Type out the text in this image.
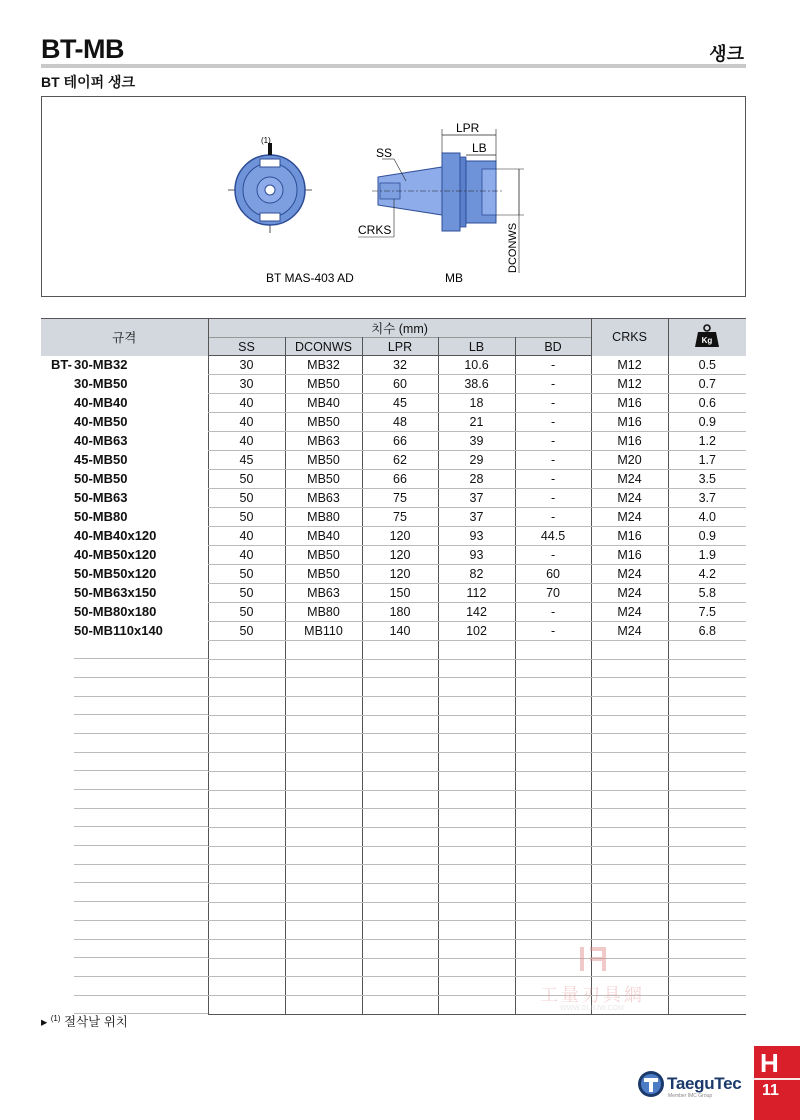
BT-MB	생크
BT 테이퍼 생크
(1)
LPR
LB
SS
CRKS	DCONWS
BT MAS-403 AD	MB
규격	치수 (mm)					CRKS	Kg

	SS	DCONWS	LPR	LB	BD		
BT- 30-MB32	30	MB32	32	10.6	-	M12	0.5
30-MB50	30	MB50	60	38.6	-	M12	0.7
40-MB40	40	MB40	45	18	-	M16	0.6
40-MB50	40	MB50	48	21	-	M16	0.9
40-MB63	40	MB63	66	39	-	M16	1.2
45-MB50	45	MB50	62	29	-	M20	1.7
50-MB50	50	MB50	66	28	-	M24	3.5
50-MB63	50	MB63	75	37	-	M24	3.7
50-MB80	50	MB80	75	37	-	M24	4.0
40-MB40x120	40	MB40	120	93	44.5	M16	0.9
40-MB50x120	40	MB50	120	93	-	M16	1.9
50-MB50x120	50	MB50	120	82	60	M24	4.2
50-MB63x150	50	MB63	150	112	70	M24	5.8
50-MB80x180	50	MB80	180	142	-	M24	7.5
50-MB110x140	50	MB110	140	102	-	M24	6.8

▸ $^{(1)}$ 절삭날 위치
工量刃具網
WWW.GLRJW.COM
TaeguTec
Member IMC Group
H
11
